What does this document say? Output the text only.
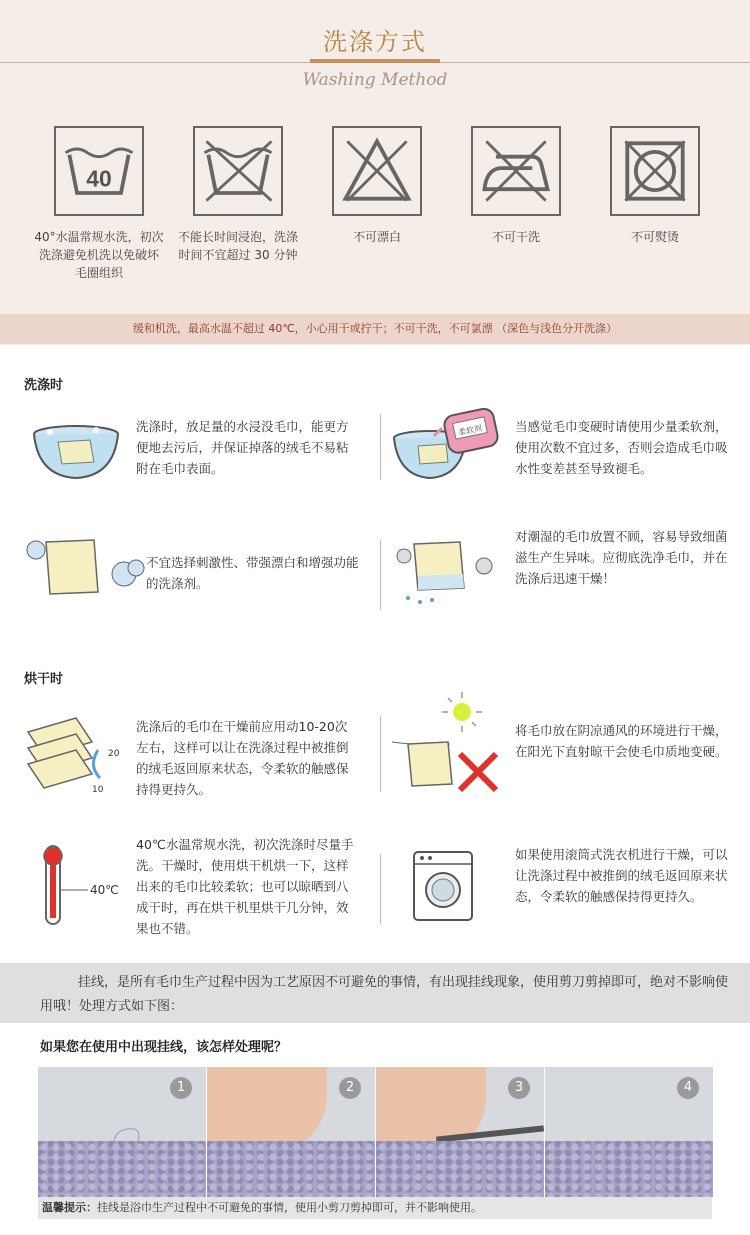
洗涤方式
Washing Method
40
40°水温常规水洗，初次洗涤避免机洗以免破坏毛圈组织
不能长时间浸泡，洗涤时间不宜超过 30 分钟
不可漂白	不可干洗	不可熨烫
缓和机洗，最高水温不超过 40℃，小心用干或拧干；不可干洗，不可氯漂 （深色与浅色分开洗涤）
洗涤时
洗涤时，放足量的水浸没毛巾，能更方便地去污后，并保证掉落的绒毛不易粘附在毛巾表面。
柔软剂	当感觉毛巾变硬时请使用少量柔软剂，使用次数不宜过多，否则会造成毛巾吸水性变差甚至导致褪毛。
不宜选择刺激性、带强漂白和增强功能的洗涤剂。
对潮湿的毛巾放置不顾，容易导致细菌滋生产生异味。应彻底洗净毛巾，并在洗涤后迅速干燥！
烘干时
20
10
洗涤后的毛巾在干燥前应用动10-20次左右，这样可以让在洗涤过程中被推倒的绒毛返回原来状态，令柔软的触感保持得更持久。
将毛巾放在阴凉通风的环境进行干燥，在阳光下直射晾干会使毛巾质地变硬。
40℃
40℃水温常规水洗，初次洗涤时尽量手洗。干燥时，使用烘干机烘一下，这样出来的毛巾比较柔软；也可以晾晒到八成干时，再在烘干机里烘干几分钟，效果也不错。
如果使用滚筒式洗衣机进行干燥，可以让洗涤过程中被推倒的绒毛返回原来状态，令柔软的触感保持得更持久。
挂线，是所有毛巾生产过程中因为工艺原因不可避免的事情，有出现挂线现象，使用剪刀剪掉即可，绝对不影响使用哦！处理方式如下图：
如果您在使用中出现挂线，该怎样处理呢？
1	2	3	4
温馨提示：挂线是浴巾生产过程中不可避免的事情，使用小剪刀剪掉即可，并不影响使用。
